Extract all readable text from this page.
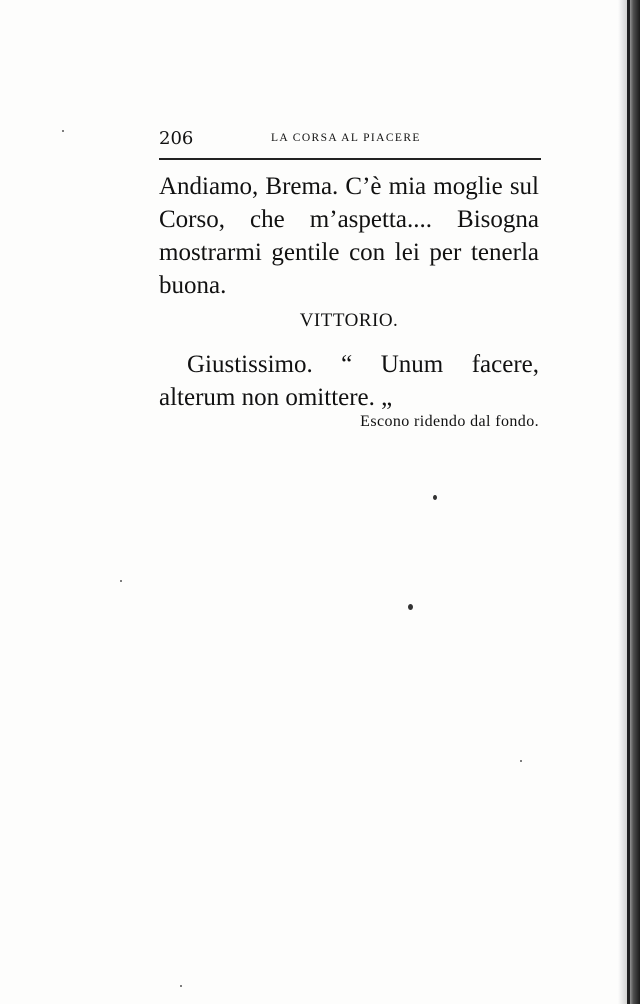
206	LA CORSA AL PIACERE
Andiamo, Brema. C’è mia moglie sul Corso, che m’aspetta.... Bisogna mostrarmi gentile con lei per tenerla buona.
VITTORIO.
Giustissimo. “ Unum facere, alterum non omittere. „
Escono ridendo dal fondo.
